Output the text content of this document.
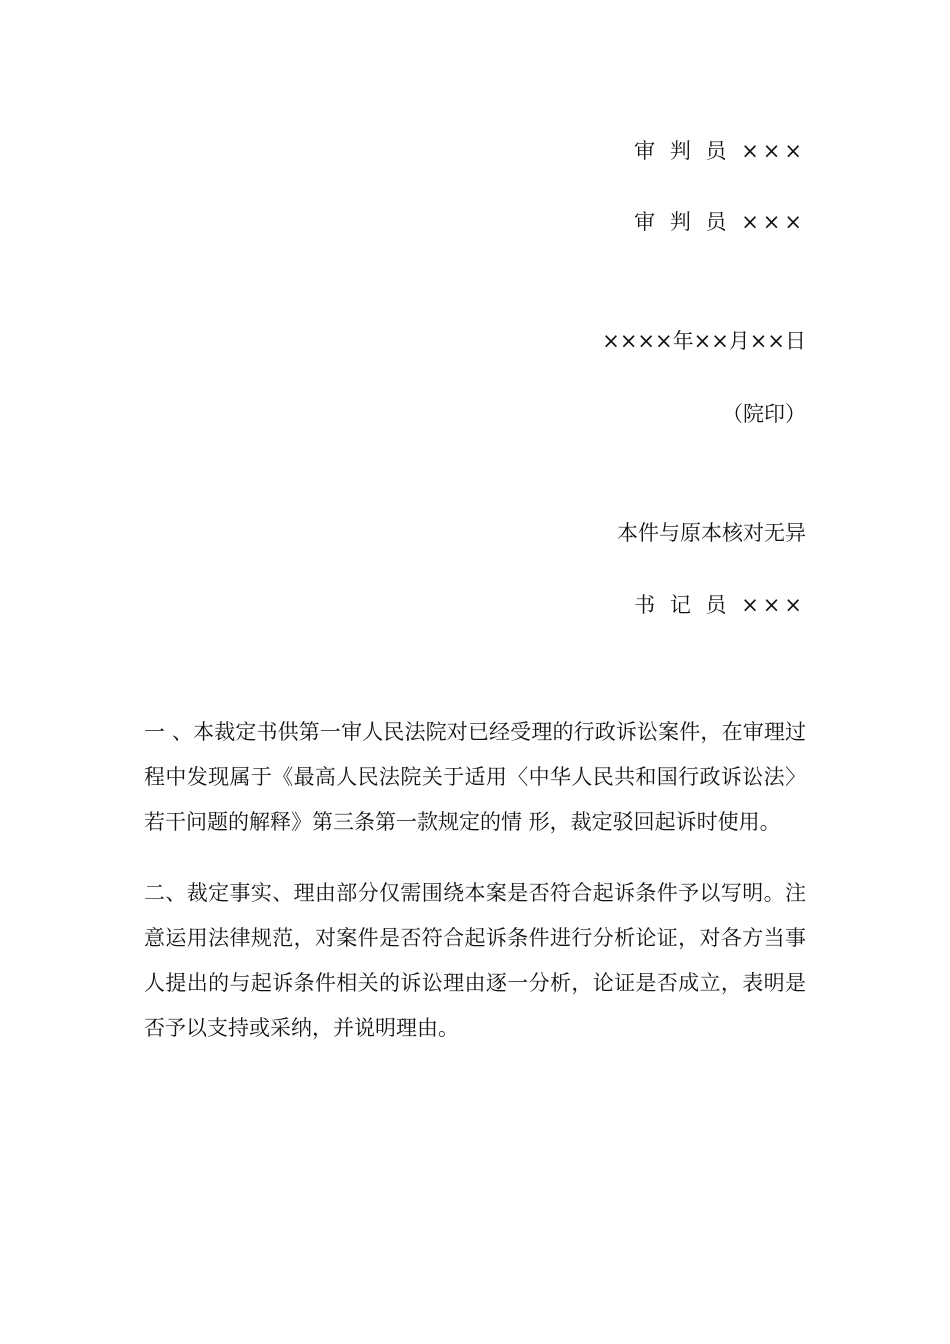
审 判 员 ×××
审 判 员 ×××
××××年××月××日
（院印）
本件与原本核对无异
书 记 员 ×××

一 、本裁定书供第一审人民法院对已经受理的行政诉讼案件，在审理过程中发现属于《最高人民法院关于适用〈中华人民共和国行政诉讼法〉若干问题的解释》第三条第一款规定的情 形，裁定驳回起诉时使用。

二、裁定事实、理由部分仅需围绕本案是否符合起诉条件予以写明。注意运用法律规范，对案件是否符合起诉条件进行分析论证，对各方当事人提出的与起诉条件相关的诉讼理由逐一分析，论证是否成立，表明是否予以支持或采纳，并说明理由。
